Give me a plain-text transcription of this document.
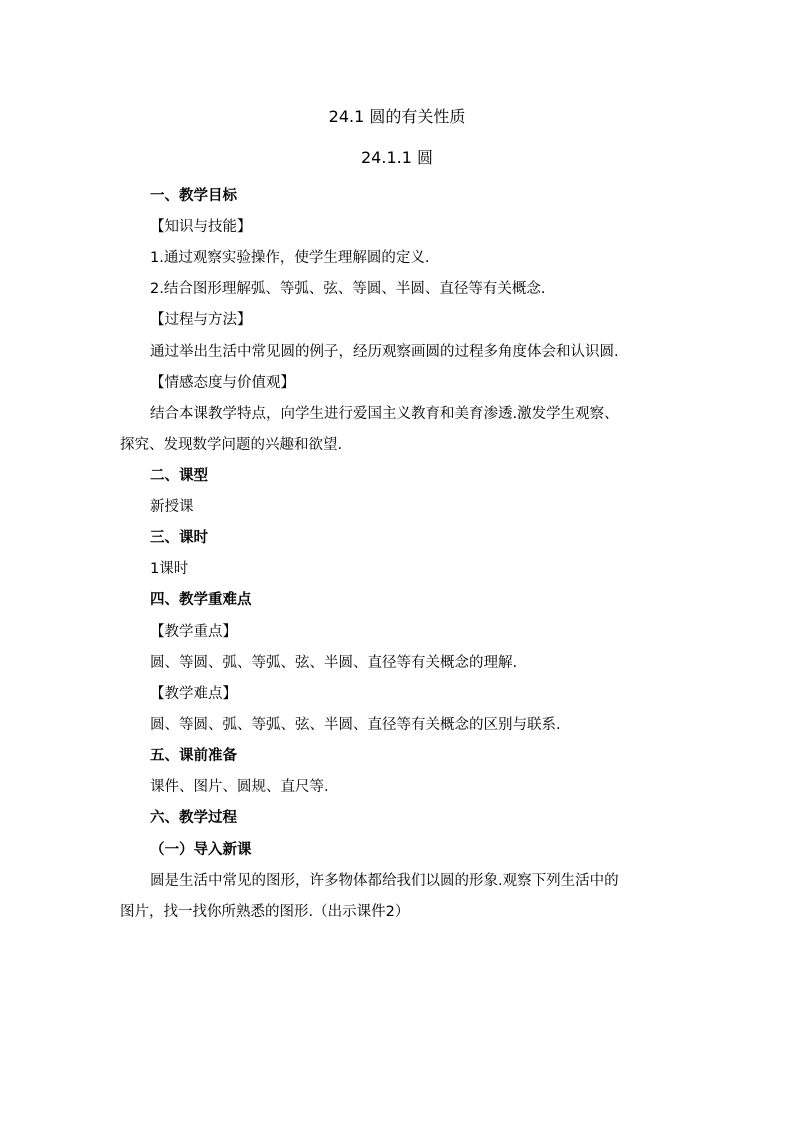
24.1 圆的有关性质
24.1.1 圆
一、教学目标
【知识与技能】
1.通过观察实验操作，使学生理解圆的定义.
2.结合图形理解弧、等弧、弦、等圆、半圆、直径等有关概念.
【过程与方法】
通过举出生活中常见圆的例子，经历观察画圆的过程多角度体会和认识圆.
【情感态度与价值观】
结合本课教学特点，向学生进行爱国主义教育和美育渗透.激发学生观察、
探究、发现数学问题的兴趣和欲望.
二、课型
新授课
三、课时
1课时
四、教学重难点
【教学重点】
圆、等圆、弧、等弧、弦、半圆、直径等有关概念的理解.
【教学难点】
圆、等圆、弧、等弧、弦、半圆、直径等有关概念的区别与联系.
五、课前准备
课件、图片、圆规、直尺等.
六、教学过程
（一）导入新课
圆是生活中常见的图形，许多物体都给我们以圆的形象.观察下列生活中的
图片，找一找你所熟悉的图形.（出示课件2）
